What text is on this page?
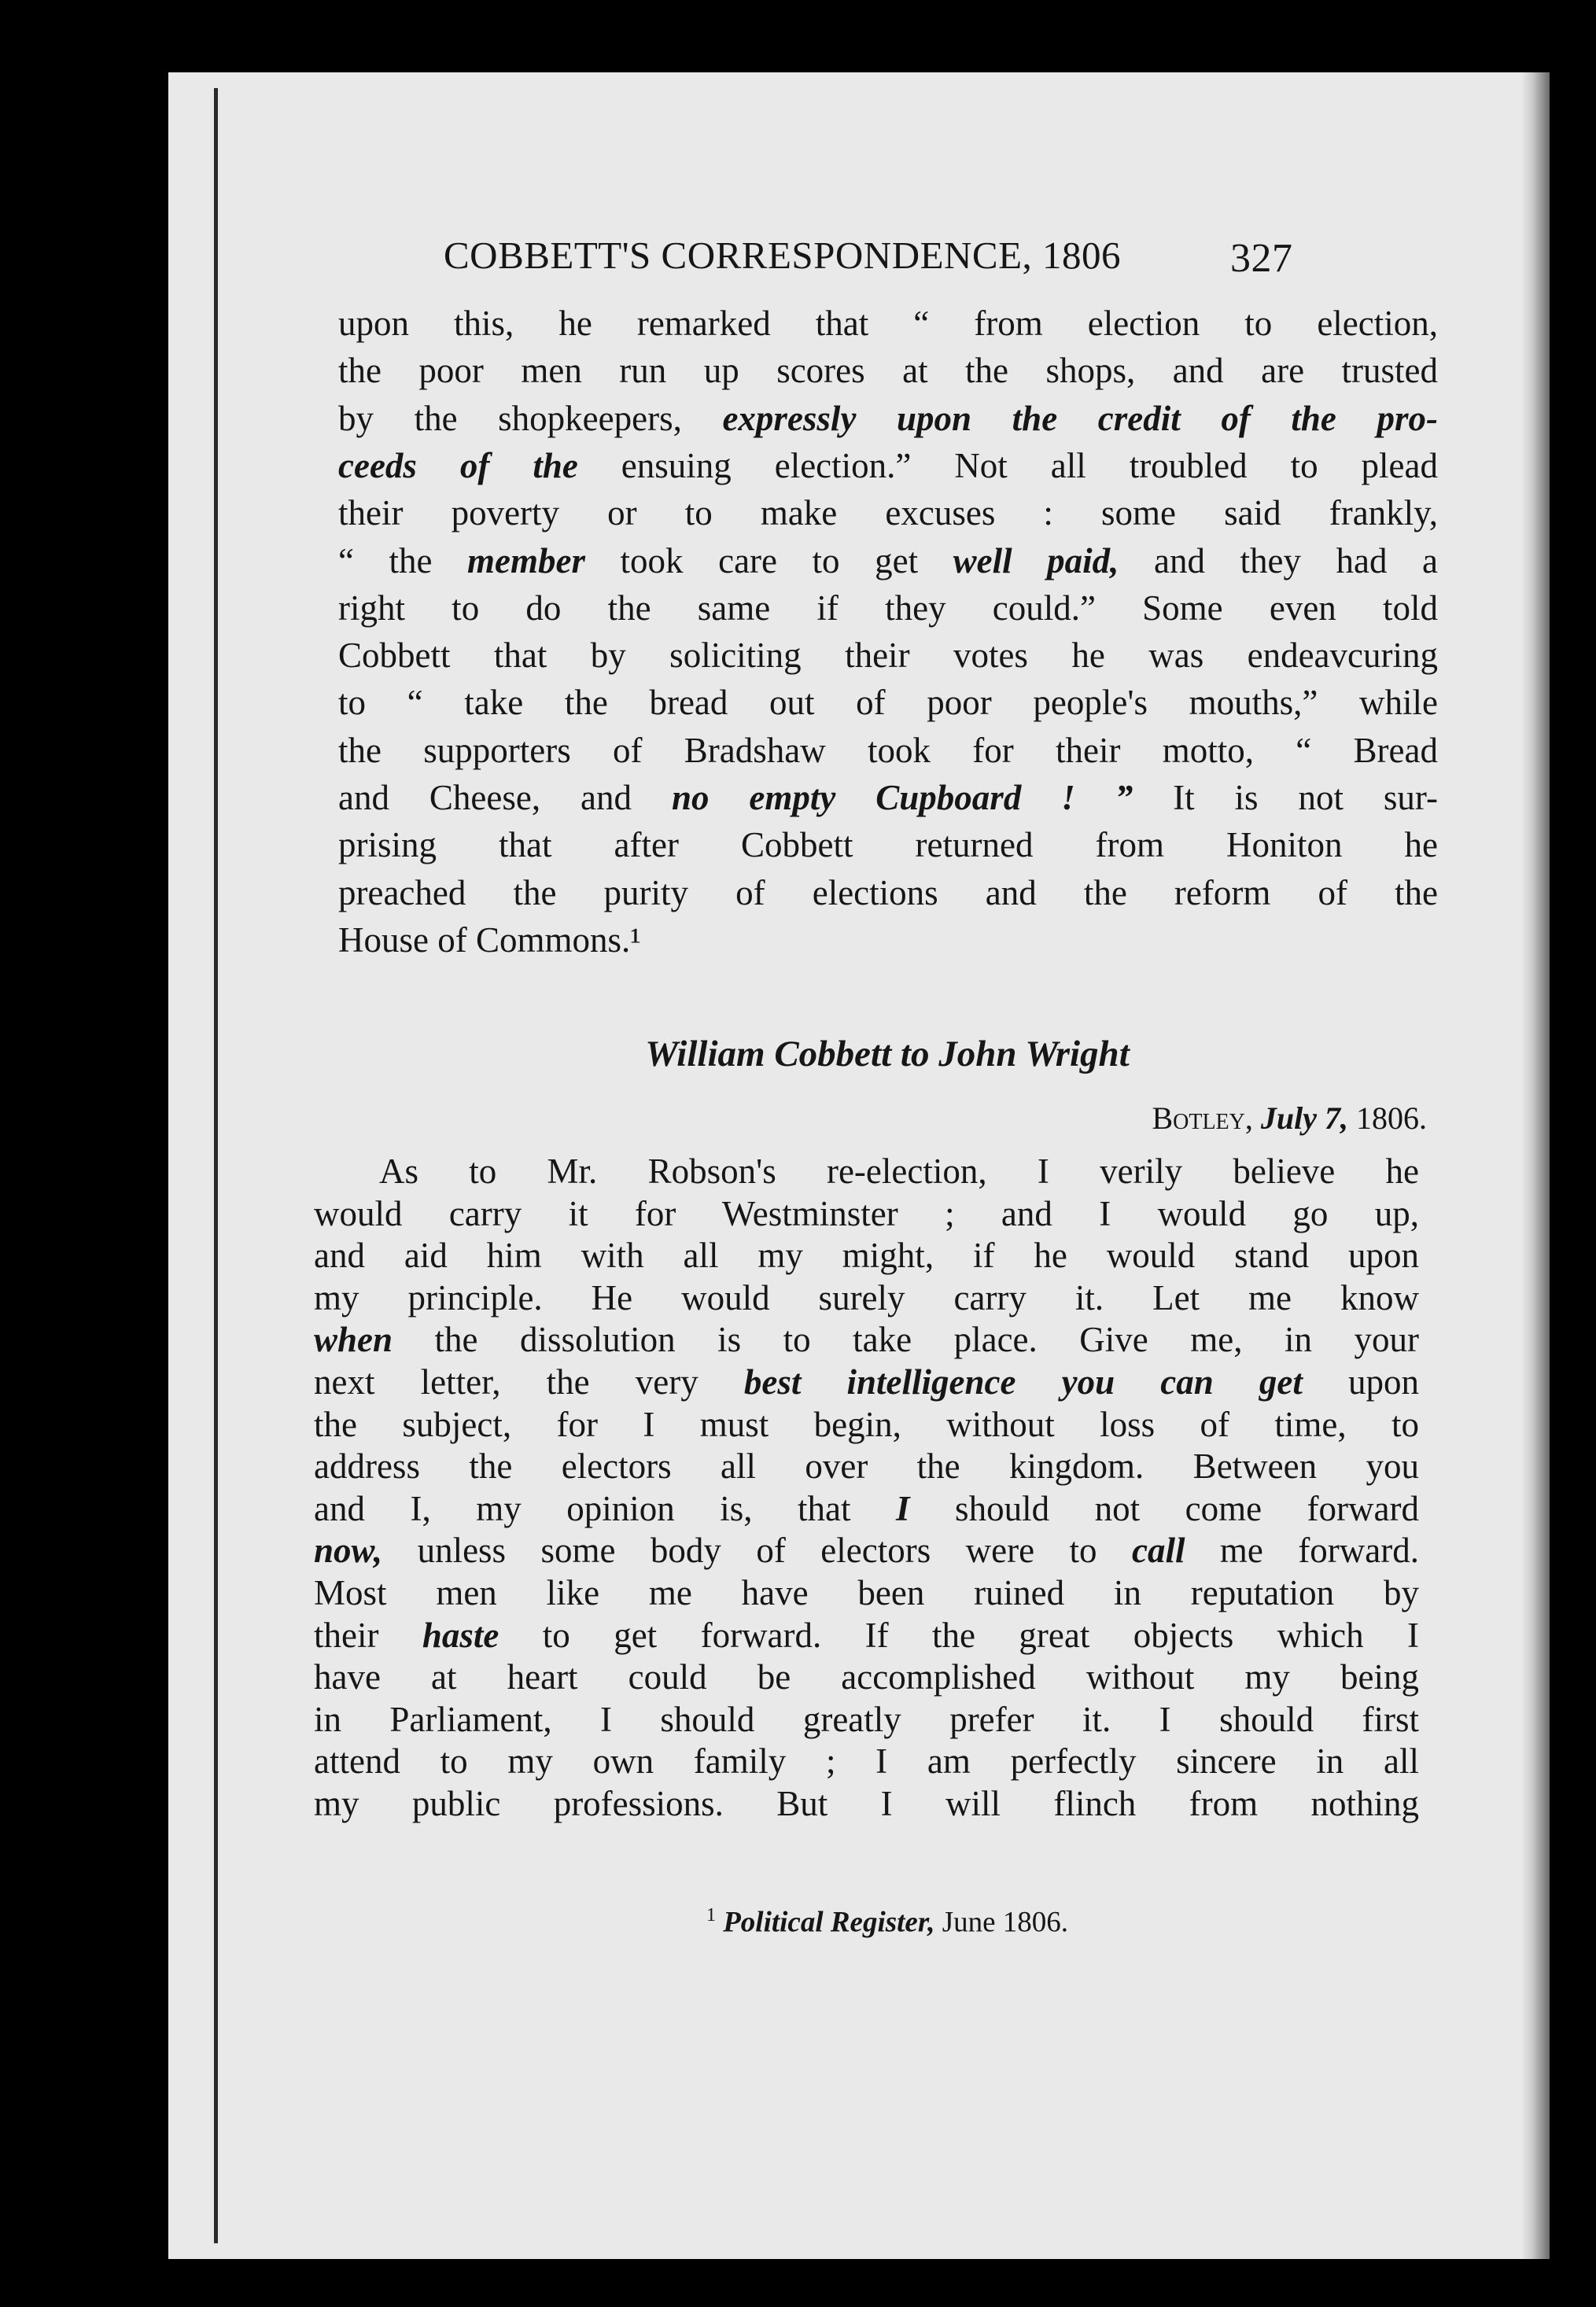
COBBETT'S CORRESPONDENCE, 1806	327
upon this, he remarked that “ from election to election,
the poor men run up scores at the shops, and are trusted
by the shopkeepers, expressly upon the credit of the pro-
ceeds of the ensuing election.” Not all troubled to plead
their poverty or to make excuses : some said frankly,
“ the member took care to get well paid, and they had a
right to do the same if they could.” Some even told
Cobbett that by soliciting their votes he was endeavcuring
to “ take the bread out of poor people's mouths,” while
the supporters of Bradshaw took for their motto, “ Bread
and Cheese, and no empty Cupboard ! ” It is not sur-
prising that after Cobbett returned from Honiton he
preached the purity of elections and the reform of the
House of Commons.¹
William Cobbett to John Wright
Botley, July 7, 1806.
As to Mr. Robson's re-election, I verily believe he
would carry it for Westminster ; and I would go up,
and aid him with all my might, if he would stand upon
my principle. He would surely carry it. Let me know
when the dissolution is to take place. Give me, in your
next letter, the very best intelligence you can get upon
the subject, for I must begin, without loss of time, to
address the electors all over the kingdom. Between you
and I, my opinion is, that I should not come forward
now, unless some body of electors were to call me forward.
Most men like me have been ruined in reputation by
their haste to get forward. If the great objects which I
have at heart could be accomplished without my being
in Parliament, I should greatly prefer it. I should first
attend to my own family ; I am perfectly sincere in all
my public professions. But I will flinch from nothing
$^1$ Political Register, June 1806.
